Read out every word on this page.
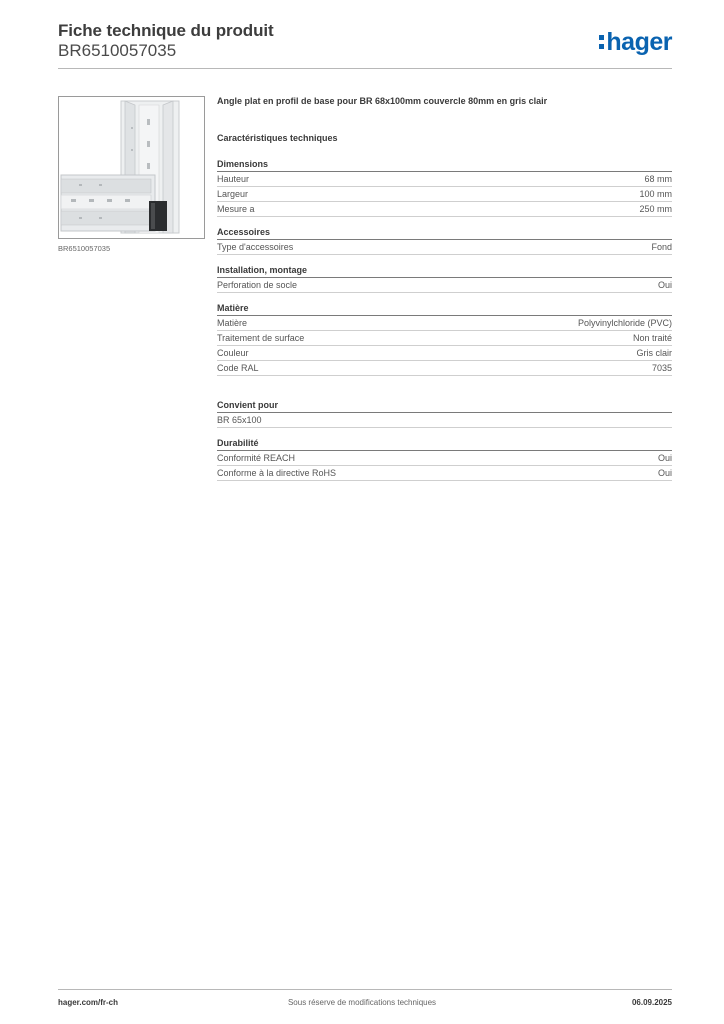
Fiche technique du produit
BR6510057035	hager
BR6510057035
Angle plat en profil de base pour BR 68x100mm couvercle 80mm en gris clair
Caractéristiques techniques
Dimensions
Hauteur	68 mm
Largeur	100 mm
Mesure a	250 mm
Accessoires
Type d'accessoires	Fond
Installation, montage
Perforation de socle	Oui
Matière
Matière	Polyvinylchloride (PVC)
Traitement de surface	Non traité
Couleur	Gris clair
Code RAL	7035
Convient pour
BR 65x100
Durabilité
Conformité REACH	Oui
Conforme à la directive RoHS	Oui
hager.com/fr-ch	Sous réserve de modifications techniques	06.09.2025
